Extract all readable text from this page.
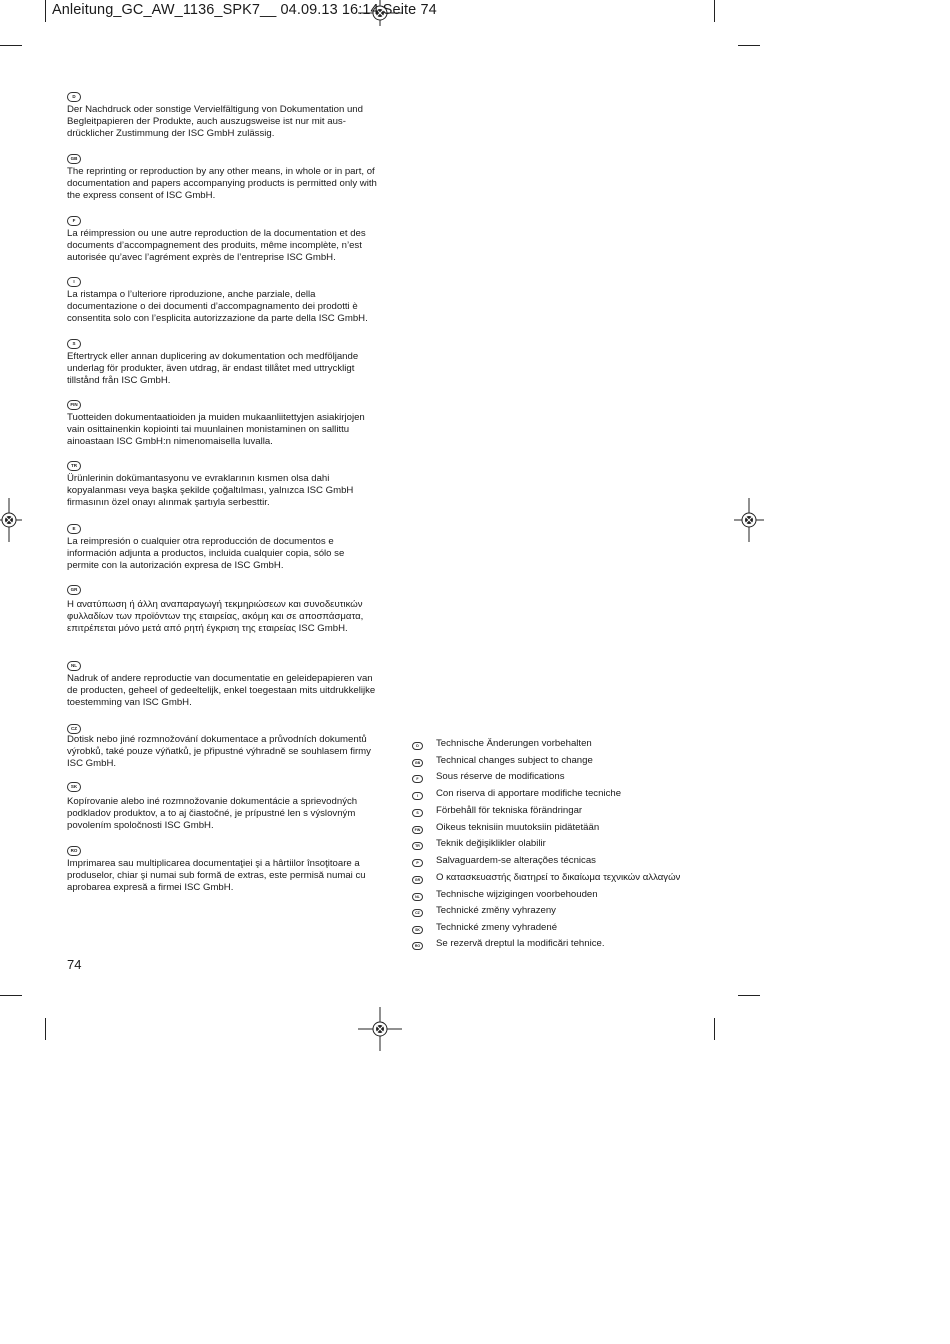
Anleitung_GC_AW_1136_SPK7__ 04.09.13 16:14 Seite 74
D
Der Nachdruck oder sonstige Vervielfältigung von Dokumentation und Begleitpapieren der Produkte, auch auszugsweise ist nur mit aus-drücklicher Zustimmung der ISC GmbH zulässig.
GB
The reprinting or reproduction by any other means, in whole or in part, of documentation and papers accompanying products is permitted only with the express consent of ISC GmbH.
F
La réimpression ou une autre reproduction de la documentation et des documents d’accompagnement des produits, même incomplète, n’est autorisée qu’avec l’agrément exprès de l’entreprise ISC GmbH.
I
La ristampa o l’ulteriore riproduzione, anche parziale, della documentazione o dei documenti d’accompagnamento dei prodotti è consentita solo con l’esplicita autorizzazione da parte della ISC GmbH.
S
Eftertryck eller annan duplicering av dokumentation och medföljande underlag för produkter, även utdrag, är endast tillåtet med uttryckligt tillstånd från ISC GmbH.
FIN
Tuotteiden dokumentaatioiden ja muiden mukaanliitettyjen asiakirjojen vain osittainenkin kopiointi tai muunlainen monistaminen on sallittu ainoastaan ISC GmbH:n nimenomaisella luvalla.
TR
Ürünlerinin dokümantasyonu ve evraklarının kısmen olsa dahi kopyalanması veya başka şekilde çoğaltılması, yalnızca ISC GmbH firmasının özel onayı alınmak şartıyla serbesttir.
E
La reimpresión o cualquier otra reproducción de documentos e información adjunta a productos, incluida cualquier copia, sólo se permite con la autorización expresa de ISC GmbH.
GR
Η ανατύπωση ή άλλη αναπαραγωγή τεκμηριώσεων και συνοδευτικών φυλλαδίων των προϊόντων της εταιρείας, ακόμη και σε αποσπάσματα, επιτρέπεται μόνο μετά από ρητή έγκριση της εταιρείας ISC GmbH.
NL
Nadruk of andere reproductie van documentatie en geleidepapieren van de producten, geheel of gedeeltelijk, enkel toegestaan mits uitdrukkelijke toestemming van ISC GmbH.
CZ
Dotisk nebo jiné rozmnožování dokumentace a průvodních dokumentů výrobků, také pouze výňatků, je připustné výhradně se souhlasem firmy ISC GmbH.
SK
Kopírovanie alebo iné rozmnožovanie dokumentácie a sprievodných podkladov produktov, a to aj čiastočné, je prípustné len s výslovným povolením spoločnosti ISC GmbH.
RO
Imprimarea sau multiplicarea documentaţiei şi a hârtiilor însoţitoare a produselor, chiar şi numai sub formă de extras, este permisă numai cu aprobarea expresă a firmei ISC GmbH.
D Technische Änderungen vorbehalten
GB Technical changes subject to change
F Sous réserve de modifications
I Con riserva di apportare modifiche tecniche
S Förbehåll för tekniska förändringar
FIN Oikeus teknisiin muutoksiin pidätetään
TR Teknik değişiklikler olabilir
P Salvaguardem-se alterações técnicas
GR Ο κατασκευαστής διατηρεί το δικαίωμα τεχνικών αλλαγών
NL Technische wijzigingen voorbehouden
CZ Technické změny vyhrazeny
SK Technické zmeny vyhradené
RO Se rezervă dreptul la modificări tehnice.
74
